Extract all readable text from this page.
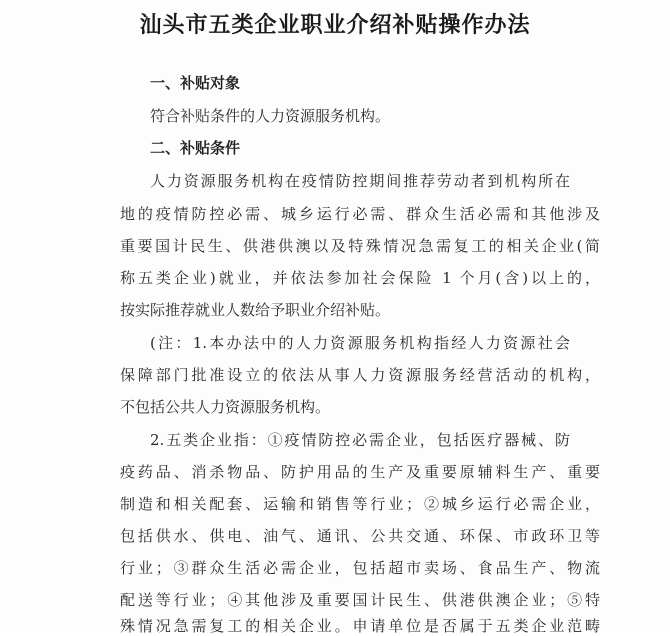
汕头市五类企业职业介绍补贴操作办法
一、补贴对象
符合补贴条件的人力资源服务机构。
二、补贴条件
人力资源服务机构在疫情防控期间推荐劳动者到机构所在
地的疫情防控必需、城乡运行必需、群众生活必需和其他涉及
重要国计民生、供港供澳以及特殊情况急需复工的相关企业(简
称五类企业)就业，并依法参加社会保险 1 个月(含)以上的，
按实际推荐就业人数给予职业介绍补贴。
(注：1.本办法中的人力资源服务机构指经人力资源社会
保障部门批准设立的依法从事人力资源服务经营活动的机构，
不包括公共人力资源服务机构。
2.五类企业指：①疫情防控必需企业，包括医疗器械、防
疫药品、消杀物品、防护用品的生产及重要原辅料生产、重要
制造和相关配套、运输和销售等行业；②城乡运行必需企业，
包括供水、供电、油气、通讯、公共交通、环保、市政环卫等
行业；③群众生活必需企业，包括超市卖场、食品生产、物流
配送等行业；④其他涉及重要国计民生、供港供澳企业；⑤特
殊情况急需复工的相关企业。申请单位是否属于五类企业范畴
